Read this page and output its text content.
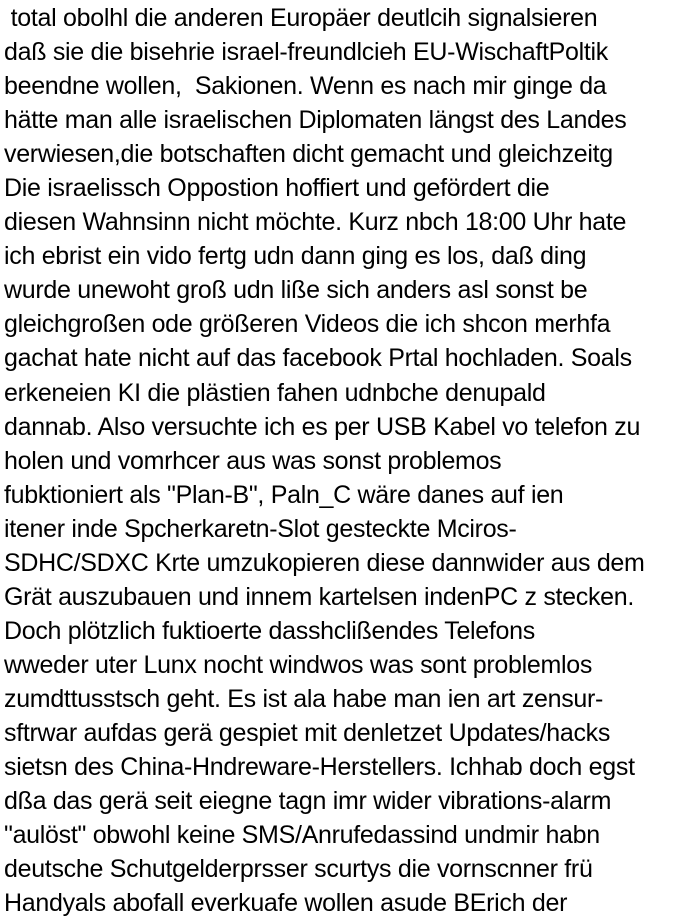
total obolhl die anderen Europäer deutlcih signalsieren
daß sie die bisehrie israel-freundlcieh EU-WischaftPoltik
beendne wollen,  Sakionen. Wenn es nach mir ginge da
hätte man alle israelischen Diplomaten längst des Landes
verwiesen,die botschaften dicht gemacht und gleichzeitg
Die israelissch Oppostion hoffiert und gefördert die
diesen Wahnsinn nicht möchte. Kurz nbch 18:00 Uhr hate
ich ebrist ein vido fertg udn dann ging es los, daß ding
wurde unewoht groß udn liße sich anders asl sonst be
gleichgroßen ode größeren Videos die ich shcon merhfa
gachat hate nicht auf das facebook Prtal hochladen. Soals
erkeneien KI die plästien fahen udnbche denupald
dannab. Also versuchte ich es per USB Kabel vo telefon zu
holen und vomrhcer aus was sonst problemos
fubktioniert als "Plan-B", Paln_C wäre danes auf ien
itener inde Spcherkaretn-Slot gesteckte Mciros-
SDHC/SDXC Krte umzukopieren diese dannwider aus dem
Grät auszubauen und innem kartelsen indenPC z stecken.
Doch plötzlich fuktioerte dasshclißendes Telefons
wweder uter Lunx nocht windwos was sont problemlos
zumdttusstsch geht. Es ist ala habe man ien art zensur-
sftrwar aufdas gerä gespiet mit denletzet Updates/hacks
sietsn des China-Hndreware-Herstellers. Ichhab doch egst
dßa das gerä seit eiegne tagn imr wider vibrations-alarm
"aulöst" obwohl keine SMS/Anrufedassind undmir habn
deutsche Schutgelderprsser scurtys die vornscnner frü
Handyals abofall everkuafe wollen asude BErich der
